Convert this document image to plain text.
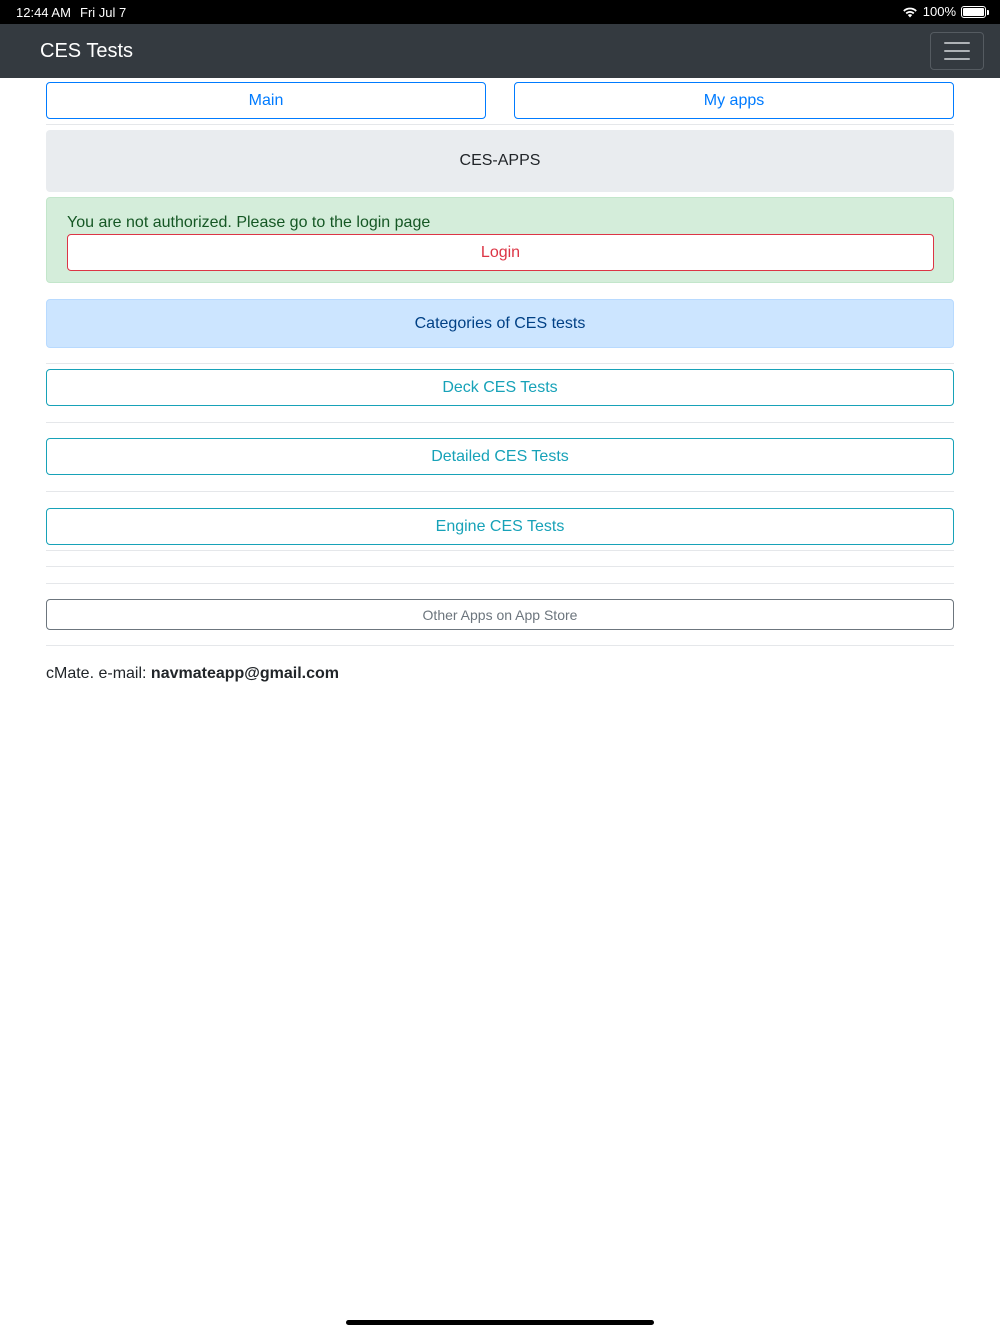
12:44 AM Fri Jul 7	100%
CES Tests
Main	My apps
CES-APPS
You are not authorized. Please go to the login page
Login
Categories of CES tests
Deck CES Tests
Detailed CES Tests
Engine CES Tests
Other Apps on App Store
cMate. e-mail: navmateapp@gmail.com
